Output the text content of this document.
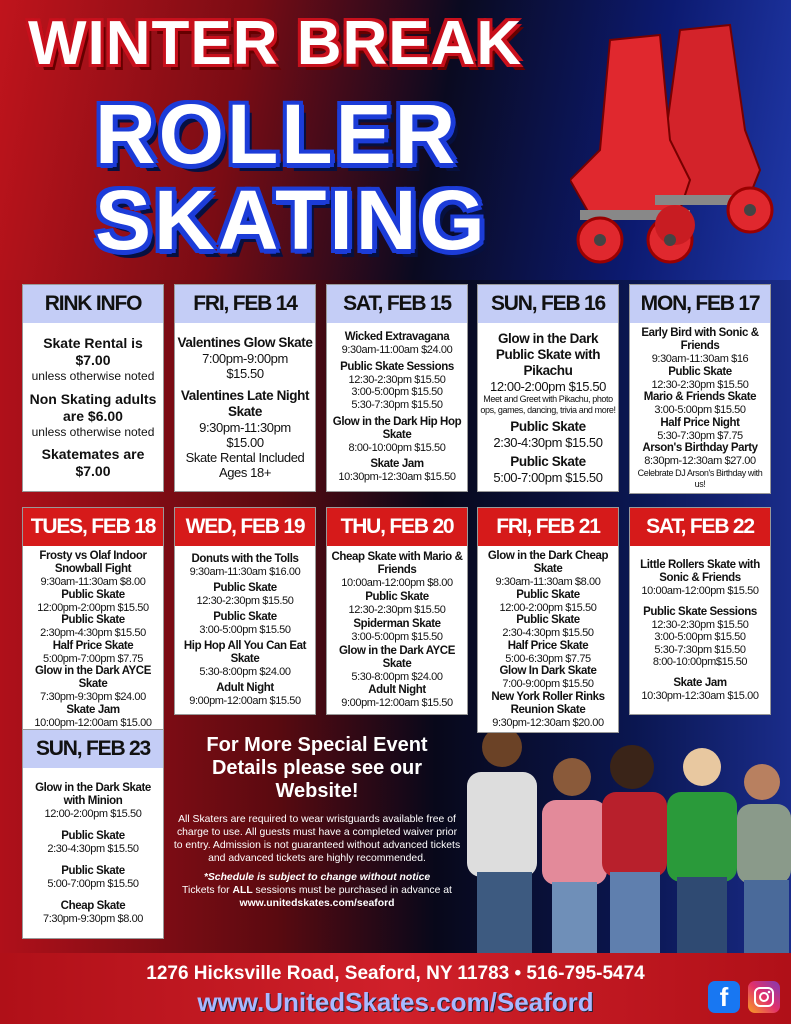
WINTER BREAK
ROLLER
SKATING
RINK INFO
Skate Rental is $7.00
unless otherwise noted
Non Skating adults are $6.00
unless otherwise noted
Skatemates are $7.00
FRI, FEB 14
Valentines Glow Skate
7:00pm-9:00pm
$15.50
Valentines Late Night Skate
9:30pm-11:30pm
$15.00
Skate Rental Included
Ages 18+
SAT, FEB 15
Wicked Extravagana
9:30am-11:00am $24.00
Public Skate Sessions
12:30-2:30pm $15.50
3:00-5:00pm $15.50
5:30-7:30pm $15.50
Glow in the Dark Hip Hop Skate
8:00-10:00pm $15.50
Skate Jam
10:30pm-12:30am $15.50
SUN, FEB 16
Glow in the Dark Public Skate with Pikachu
12:00-2:00pm $15.50
Meet and Greet with Pikachu, photo ops, games, dancing, trivia and more!
Public Skate
2:30-4:30pm $15.50
Public Skate
5:00-7:00pm $15.50
MON, FEB 17
Early Bird with Sonic & Friends
9:30am-11:30am $16
Public Skate
12:30-2:30pm $15.50
Mario & Friends Skate
3:00-5:00pm $15.50
Half Price Night
5:30-7:30pm $7.75
Arson's Birthday Party
8:30pm-12:30am $27.00
Celebrate DJ Arson's Birthday with us!
TUES, FEB 18
Frosty vs Olaf Indoor Snowball Fight
9:30am-11:30am $8.00
Public Skate
12:00pm-2:00pm $15.50
Public Skate
2:30pm-4:30pm $15.50
Half Price Skate
5:00pm-7:00pm $7.75
Glow in the Dark AYCE Skate
7:30pm-9:30pm $24.00
Skate Jam
10:00pm-12:00am $15.00
WED, FEB 19
Donuts with the Tolls
9:30am-11:30am $16.00
Public Skate
12:30-2:30pm $15.50
Public Skate
3:00-5:00pm $15.50
Hip Hop All You Can Eat Skate
5:30-8:00pm $24.00
Adult Night
9:00pm-12:00am $15.50
THU, FEB 20
Cheap Skate with Mario & Friends
10:00am-12:00pm $8.00
Public Skate
12:30-2:30pm $15.50
Spiderman Skate
3:00-5:00pm $15.50
Glow in the Dark AYCE Skate
5:30-8:00pm $24.00
Adult Night
9:00pm-12:00am $15.50
FRI, FEB 21
Glow in the Dark Cheap Skate
9:30am-11:30am $8.00
Public Skate
12:00-2:00pm $15.50
Public Skate
2:30-4:30pm $15.50
Half Price Skate
5:00-6:30pm $7.75
Glow In Dark Skate
7:00-9:00pm $15.50
New York Roller Rinks Reunion Skate
9:30pm-12:30am $20.00
SAT, FEB 22
Little Rollers Skate with Sonic & Friends
10:00am-12:00pm $15.50
Public Skate Sessions
12:30-2:30pm $15.50
3:00-5:00pm $15.50
5:30-7:30pm $15.50
8:00-10:00pm$15.50
Skate Jam
10:30pm-12:30am $15.00
SUN, FEB 23
Glow in the Dark Skate with Minion
12:00-2:00pm $15.50
Public Skate
2:30-4:30pm $15.50
Public Skate
5:00-7:00pm $15.50
Cheap Skate
7:30pm-9:30pm $8.00
For More Special Event Details please see our Website!

All Skaters are required to wear wristguards available free of charge to use. All guests must have a completed waiver prior to entry. Admission is not guaranteed without advanced tickets and advanced tickets are highly recommended.

*Schedule is subject to change without notice
Tickets for ALL sessions must be purchased in advance at www.unitedskates.com/seaford

1276 Hicksville Road, Seaford, NY 11783 • 516-795-5474
www.UnitedSkates.com/Seaford	f
